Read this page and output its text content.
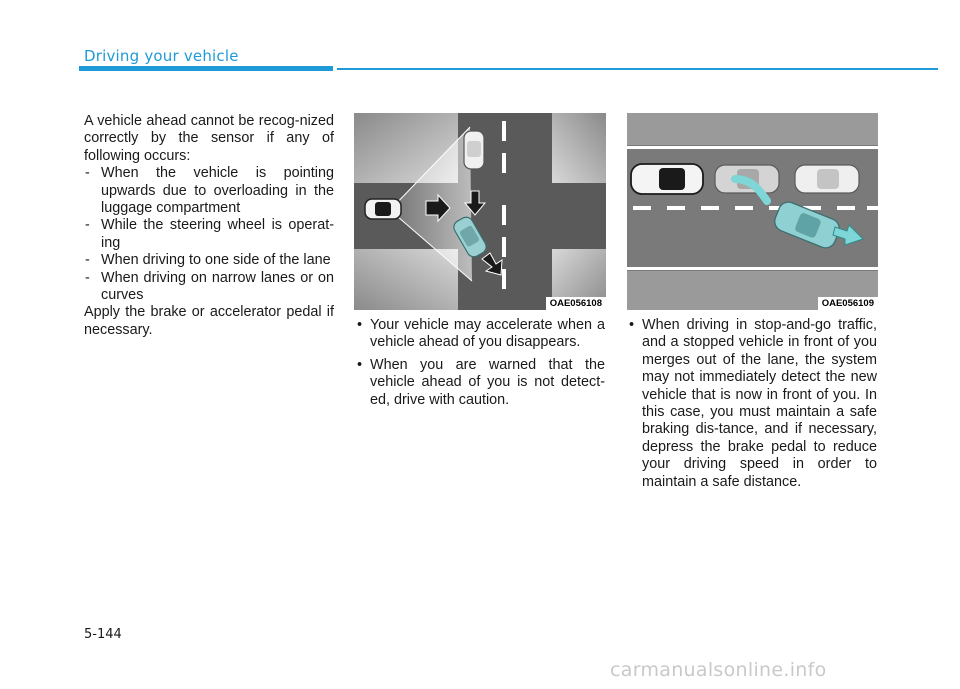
Driving your vehicle

A vehicle ahead cannot be recog-nized correctly by the sensor if any of following occurs:

- When the vehicle is pointing upwards due to overloading in the luggage compartment
- While the steering wheel is operat-ing
- When driving to one side of the lane
- When driving on narrow lanes or on curves

Apply the brake or accelerator pedal if necessary.

OAE056108	OAE056109
• Your vehicle may accelerate when a vehicle ahead of you disappears.
• When you are warned that the vehicle ahead of you is not detect-ed, drive with caution.
• When driving in stop-and-go traffic, and a stopped vehicle in front of you merges out of the lane, the system may not immediately detect the new vehicle that is now in front of you. In this case, you must maintain a safe braking dis-tance, and if necessary, depress the brake pedal to reduce your driving speed in order to maintain a safe distance.
5-144
carmanualsonline.info
